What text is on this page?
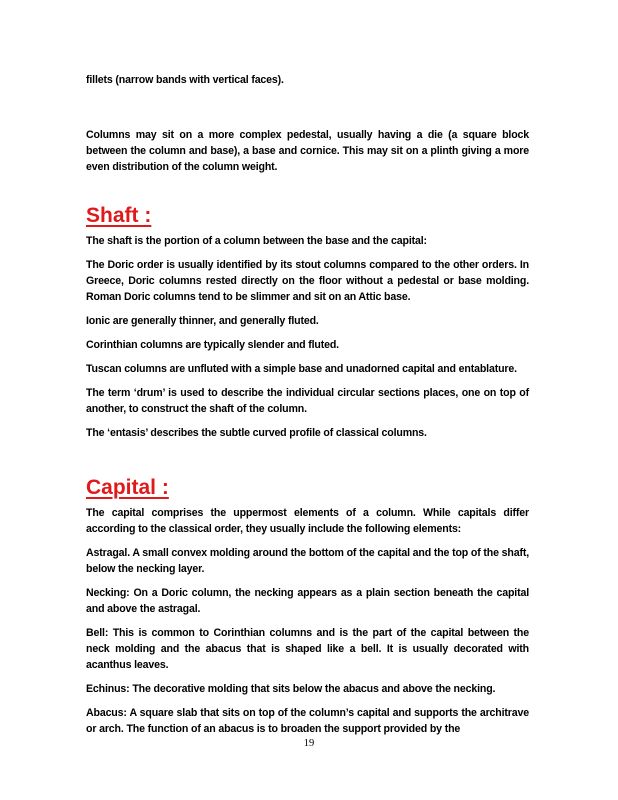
fillets (narrow bands with vertical faces).

Columns may sit on a more complex pedestal, usually having a die (a square block between the column and base), a base and cornice. This may sit on a plinth giving a more even distribution of the column weight.

Shaft :

The shaft is the portion of a column between the base and the capital:

The Doric order is usually identified by its stout columns compared to the other orders. In Greece, Doric columns rested directly on the floor without a pedestal or base molding. Roman Doric columns tend to be slimmer and sit on an Attic base.

Ionic are generally thinner, and generally fluted.

Corinthian columns are typically slender and fluted.

Tuscan columns are unfluted with a simple base and unadorned capital and entablature.

The term ‘drum’ is used to describe the individual circular sections places, one on top of another, to construct the shaft of the column.

The ‘entasis’ describes the subtle curved profile of classical columns.

Capital :

The capital comprises the uppermost elements of a column. While capitals differ according to the classical order, they usually include the following elements:

Astragal. A small convex molding around the bottom of the capital and the top of the shaft, below the necking layer.

Necking: On a Doric column, the necking appears as a plain section beneath the capital and above the astragal.

Bell: This is common to Corinthian columns and is the part of the capital between the neck molding and the abacus that is shaped like a bell. It is usually decorated with acanthus leaves.

Echinus: The decorative molding that sits below the abacus and above the necking.

Abacus: A square slab that sits on top of the column’s capital and supports the architrave or arch. The function of an abacus is to broaden the support provided by the

19
